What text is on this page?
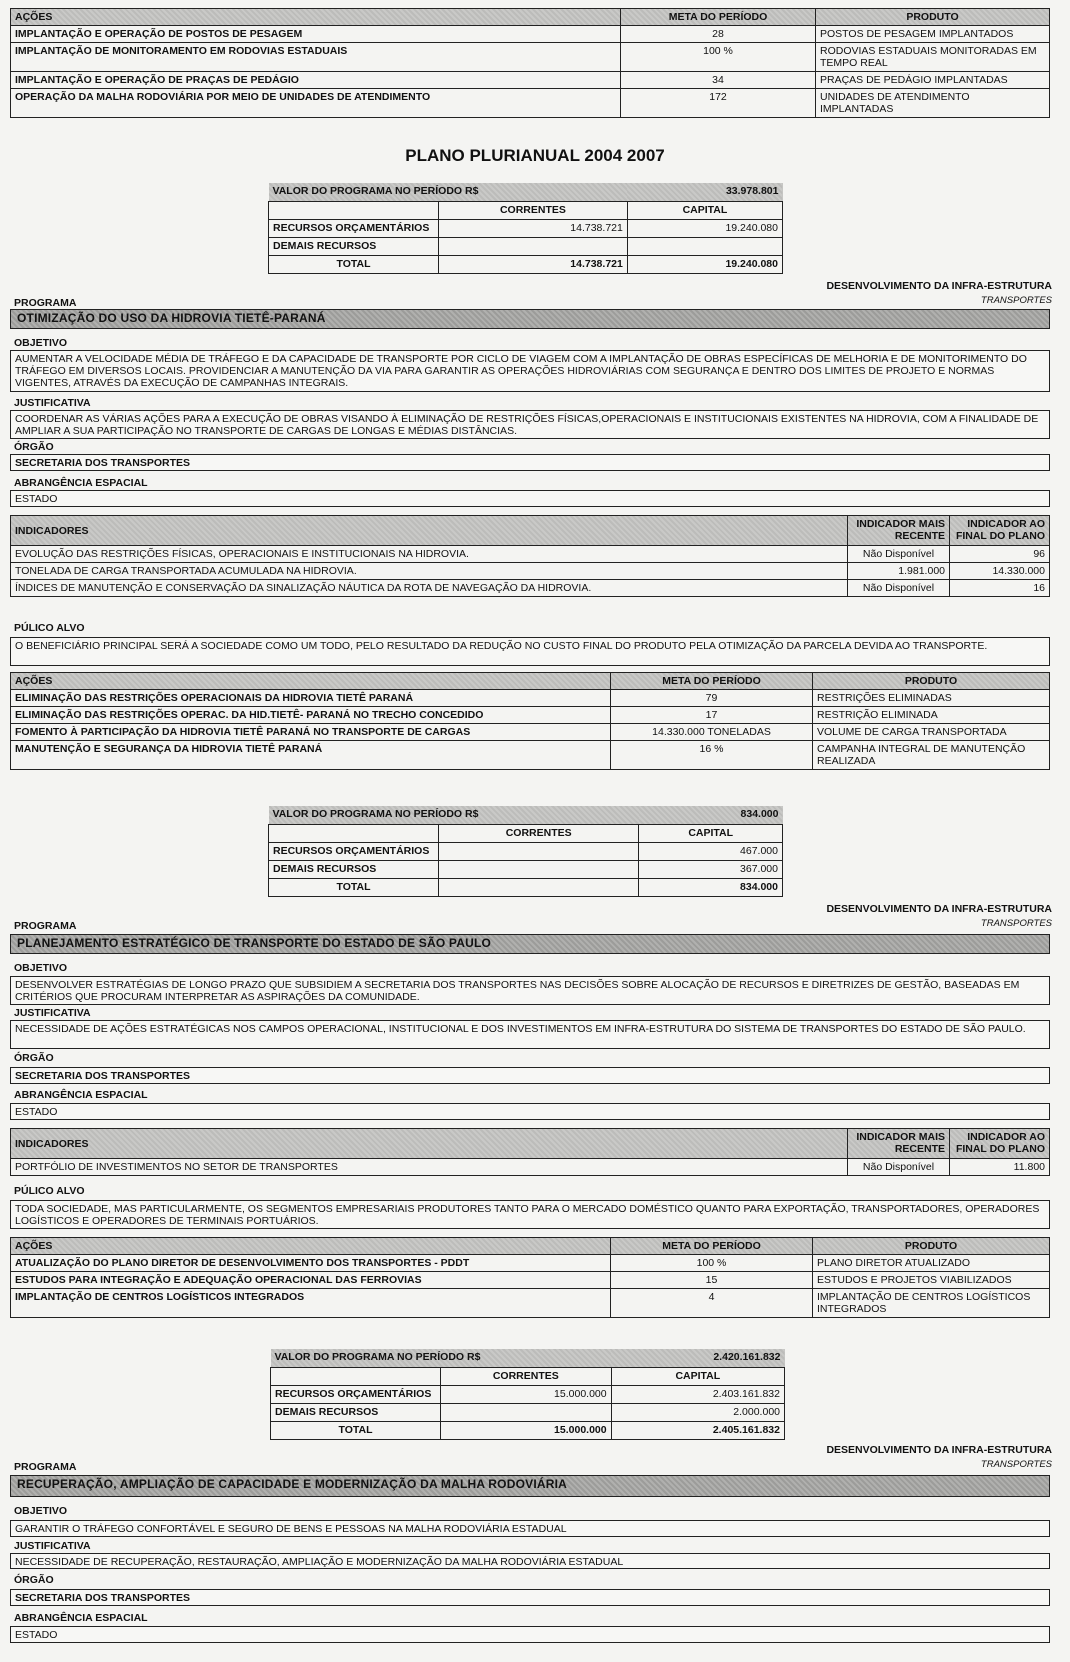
AÇÕES	META DO PERÍODO	PRODUTO
IMPLANTAÇÃO E OPERAÇÃO DE POSTOS DE PESAGEM	28	POSTOS DE PESAGEM IMPLANTADOS
IMPLANTAÇÃO DE MONITORAMENTO EM RODOVIAS ESTADUAIS	100 %	RODOVIAS ESTADUAIS MONITORADAS EM TEMPO REAL
IMPLANTAÇÃO E OPERAÇÃO DE PRAÇAS DE PEDÁGIO	34	PRAÇAS DE PEDÁGIO IMPLANTADAS
OPERAÇÃO DA MALHA RODOVIÁRIA POR MEIO DE UNIDADES DE ATENDIMENTO	172	UNIDADES DE ATENDIMENTO IMPLANTADAS
PLANO PLURIANUAL 2004 2007
VALOR DO PROGRAMA NO PERÍODO R$		33.978.801
	CORRENTES	CAPITAL
RECURSOS ORÇAMENTÁRIOS	14.738.721	19.240.080
DEMAIS RECURSOS		
TOTAL	14.738.721	19.240.080
DESENVOLVIMENTO DA INFRA-ESTRUTURA
TRANSPORTES
PROGRAMA
OTIMIZAÇÃO DO USO DA HIDROVIA TIETÊ-PARANÁ
OBJETIVO
AUMENTAR A VELOCIDADE MÉDIA DE TRÁFEGO E DA CAPACIDADE DE TRANSPORTE POR CICLO DE VIAGEM COM A IMPLANTAÇÃO DE OBRAS ESPECÍFICAS DE MELHORIA E DE MONITORIMENTO DO TRÁFEGO EM DIVERSOS LOCAIS. PROVIDENCIAR A MANUTENÇÃO DA VIA PARA GARANTIR AS OPERAÇÕES HIDROVIÁRIAS COM SEGURANÇA E DENTRO DOS LIMITES DE PROJETO E NORMAS VIGENTES, ATRAVÉS DA EXECUÇÃO DE CAMPANHAS INTEGRAIS.
JUSTIFICATIVA
COORDENAR AS VÁRIAS AÇÕES PARA A EXECUÇÃO DE OBRAS VISANDO À ELIMINAÇÃO DE RESTRIÇÕES FÍSICAS,OPERACIONAIS E INSTITUCIONAIS EXISTENTES NA HIDROVIA, COM A FINALIDADE DE AMPLIAR A SUA PARTICIPAÇÃO NO TRANSPORTE DE CARGAS DE LONGAS E MÉDIAS DISTÂNCIAS.
ÓRGÃO
SECRETARIA DOS TRANSPORTES
ABRANGÊNCIA ESPACIAL
ESTADO
INDICADORES	INDICADOR MAIS RECENTE	INDICADOR AO FINAL DO PLANO
EVOLUÇÃO DAS RESTRIÇÕES FÍSICAS, OPERACIONAIS E INSTITUCIONAIS NA HIDROVIA.	Não Disponível	96
TONELADA DE CARGA TRANSPORTADA ACUMULADA NA HIDROVIA.	1.981.000	14.330.000
ÍNDICES DE MANUTENÇÃO E CONSERVAÇÃO DA SINALIZAÇÃO NÁUTICA DA ROTA DE NAVEGAÇÃO DA HIDROVIA.	Não Disponível	16
PÚLICO ALVO
O BENEFICIÁRIO PRINCIPAL SERÁ A SOCIEDADE COMO UM TODO, PELO RESULTADO DA REDUÇÃO NO CUSTO FINAL DO PRODUTO PELA OTIMIZAÇÃO DA PARCELA DEVIDA AO TRANSPORTE.
AÇÕES	META DO PERÍODO	PRODUTO
ELIMINAÇÃO DAS RESTRIÇÕES OPERACIONAIS DA HIDROVIA TIETÊ PARANÁ	79	RESTRIÇÕES ELIMINADAS
ELIMINAÇÃO DAS RESTRIÇÕES OPERAC. DA HID.TIETÊ- PARANÁ NO TRECHO CONCEDIDO	17	RESTRIÇÃO ELIMINADA
FOMENTO À PARTICIPAÇÃO DA HIDROVIA TIETÊ PARANÁ NO TRANSPORTE DE CARGAS	14.330.000 TONELADAS	VOLUME DE CARGA TRANSPORTADA
MANUTENÇÃO E SEGURANÇA DA HIDROVIA TIETÊ PARANÁ	16 %	CAMPANHA INTEGRAL DE MANUTENÇÃO REALIZADA
VALOR DO PROGRAMA NO PERÍODO R$		834.000
	CORRENTES	CAPITAL
RECURSOS ORÇAMENTÁRIOS		467.000
DEMAIS RECURSOS		367.000
TOTAL		834.000
DESENVOLVIMENTO DA INFRA-ESTRUTURA
TRANSPORTES
PROGRAMA
PLANEJAMENTO ESTRATÉGICO DE TRANSPORTE DO ESTADO DE SÃO PAULO
OBJETIVO
DESENVOLVER ESTRATÉGIAS DE LONGO PRAZO QUE SUBSIDIEM A SECRETARIA DOS TRANSPORTES NAS DECISÕES SOBRE ALOCAÇÃO DE RECURSOS E DIRETRIZES DE GESTÃO, BASEADAS EM CRITÉRIOS QUE PROCURAM INTERPRETAR AS ASPIRAÇÕES DA COMUNIDADE.
JUSTIFICATIVA
NECESSIDADE DE AÇÕES ESTRATÉGICAS NOS CAMPOS OPERACIONAL, INSTITUCIONAL E DOS INVESTIMENTOS EM INFRA-ESTRUTURA DO SISTEMA DE TRANSPORTES DO ESTADO DE SÃO PAULO.
ÓRGÃO
SECRETARIA DOS TRANSPORTES
ABRANGÊNCIA ESPACIAL
ESTADO
INDICADORES	INDICADOR MAIS RECENTE	INDICADOR AO FINAL DO PLANO
PORTFÓLIO DE INVESTIMENTOS NO SETOR DE TRANSPORTES	Não Disponível	11.800
PÚLICO ALVO
TODA SOCIEDADE, MAS PARTICULARMENTE, OS SEGMENTOS EMPRESARIAIS PRODUTORES TANTO PARA O MERCADO DOMÉSTICO QUANTO PARA EXPORTAÇÃO, TRANSPORTADORES, OPERADORES LOGÍSTICOS E OPERADORES DE TERMINAIS PORTUÁRIOS.
AÇÕES	META DO PERÍODO	PRODUTO
ATUALIZAÇÃO DO PLANO DIRETOR DE DESENVOLVIMENTO DOS TRANSPORTES - PDDT	100 %	PLANO DIRETOR ATUALIZADO
ESTUDOS PARA INTEGRAÇÃO E ADEQUAÇÃO OPERACIONAL DAS FERROVIAS	15	ESTUDOS E PROJETOS VIABILIZADOS
IMPLANTAÇÃO DE CENTROS LOGÍSTICOS INTEGRADOS	4	IMPLANTAÇÃO DE CENTROS LOGÍSTICOS INTEGRADOS
VALOR DO PROGRAMA NO PERÍODO R$		2.420.161.832
	CORRENTES	CAPITAL
RECURSOS ORÇAMENTÁRIOS	15.000.000	2.403.161.832
DEMAIS RECURSOS		2.000.000
TOTAL	15.000.000	2.405.161.832
DESENVOLVIMENTO DA INFRA-ESTRUTURA
TRANSPORTES
PROGRAMA
RECUPERAÇÃO, AMPLIAÇÃO DE CAPACIDADE E MODERNIZAÇÃO DA MALHA RODOVIÁRIA
OBJETIVO
GARANTIR O TRÁFEGO CONFORTÁVEL E SEGURO DE BENS E PESSOAS NA MALHA RODOVIÁRIA ESTADUAL
JUSTIFICATIVA
NECESSIDADE DE RECUPERAÇÃO, RESTAURAÇÃO, AMPLIAÇÃO E MODERNIZAÇÃO DA MALHA RODOVIÁRIA ESTADUAL
ÓRGÃO
SECRETARIA DOS TRANSPORTES
ABRANGÊNCIA ESPACIAL
ESTADO
